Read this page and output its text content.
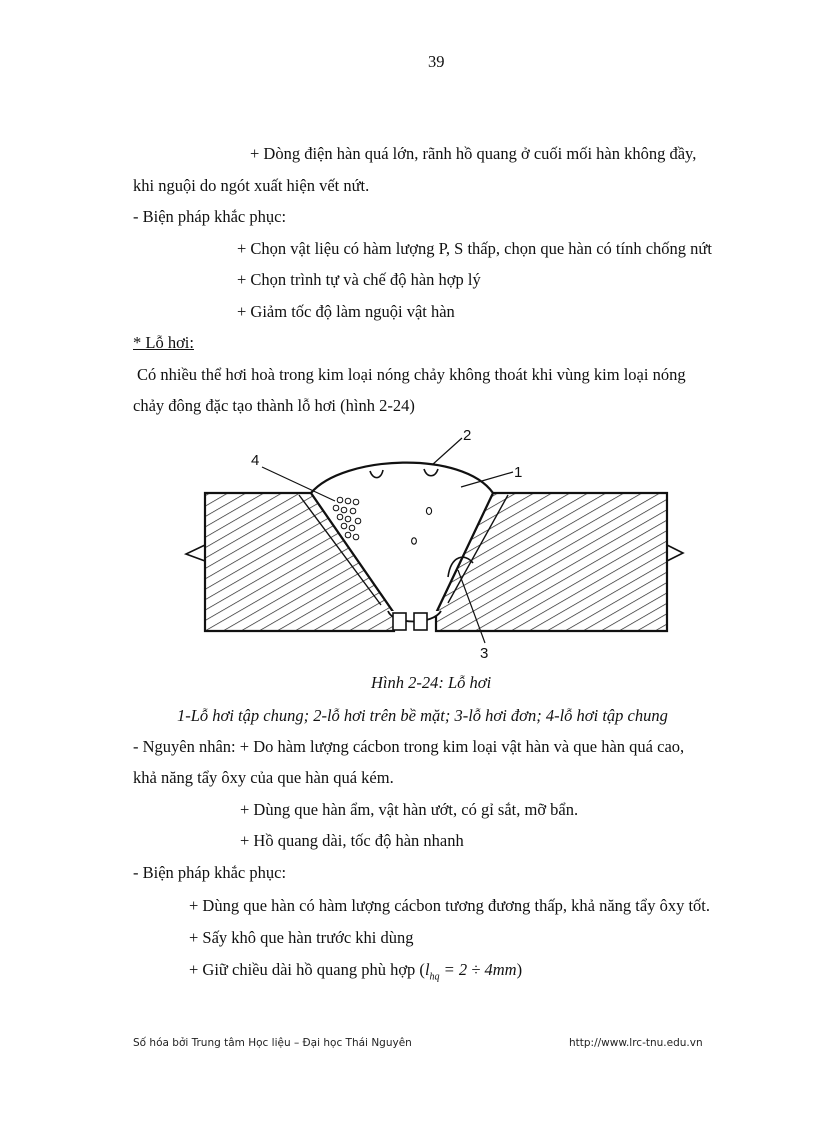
39
+ Dòng điện hàn quá lớn, rãnh hồ quang ở cuối mối hàn không đầy,
khi nguội do ngót xuất hiện vết nứt.
- Biện pháp khắc phục:
+ Chọn vật liệu có hàm lượng P, S thấp, chọn que hàn có tính chống nứt
+ Chọn trình tự và chế độ hàn hợp lý
+ Giảm tốc độ làm nguội vật hàn
* Lỗ hơi:
Có nhiều thể hơi hoà trong kim loại nóng chảy không thoát khi vùng kim loại nóng
chảy đông đặc tạo thành lỗ hơi (hình 2-24)
2
1
3
4
Hình 2-24: Lỗ hơi
1-Lỗ hơi tập chung; 2-lỗ hơi trên bề mặt; 3-lỗ hơi đơn; 4-lỗ hơi tập chung
- Nguyên nhân: + Do hàm lượng cácbon trong kim loại vật hàn và que hàn quá cao,
khả năng tẩy ôxy của que hàn quá kém.
+ Dùng que hàn ẩm, vật hàn ướt, có gỉ sắt, mỡ bẩn.
+ Hồ quang dài, tốc độ hàn nhanh
- Biện pháp khắc phục:
+ Dùng que hàn có hàm lượng cácbon tương đương thấp, khả năng tẩy ôxy tốt.
+ Sấy khô que hàn trước khi dùng
+ Giữ chiều dài hồ quang phù hợp $(l_{hq} = 2 \div 4mm)$
Số hóa bởi Trung tâm Học liệu – Đại học Thái Nguyên	http://www.lrc-tnu.edu.vn
